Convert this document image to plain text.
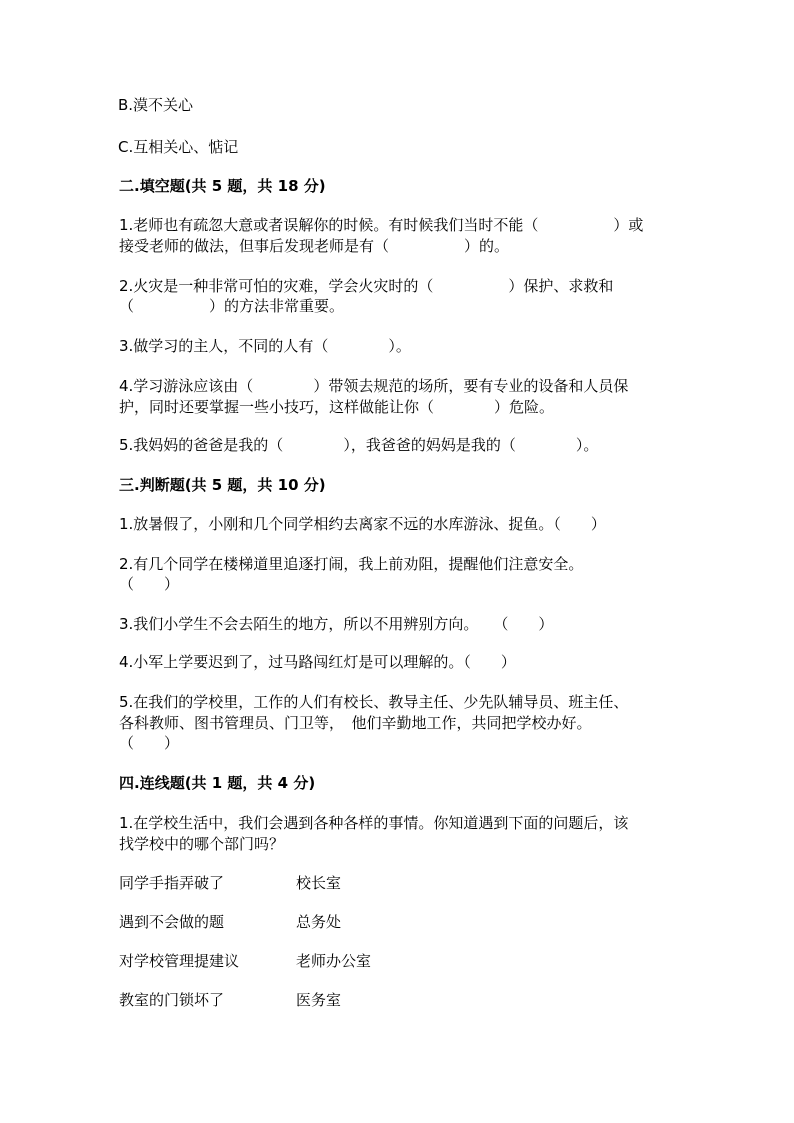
B.漠不关心
C.互相关心、惦记
二.填空题(共 5 题，共 18 分)
1.老师也有疏忽大意或者误解你的时候。有时候我们当时不能（　　　　　）或
接受老师的做法，但事后发现老师是有（　　　　　）的。
2.火灾是一种非常可怕的灾难，学会火灾时的（　　　　　）保护、求救和
（　　　　　）的方法非常重要。
3.做学习的主人，不同的人有（　　　　）。
4.学习游泳应该由（　　　　）带领去规范的场所，要有专业的设备和人员保
护，同时还要掌握一些小技巧，这样做能让你（　　　　）危险。
5.我妈妈的爸爸是我的（　　　　），我爸爸的妈妈是我的（　　　　）。
三.判断题(共 5 题，共 10 分)
1.放暑假了，小刚和几个同学相约去离家不远的水库游泳、捉鱼。（　　）
2.有几个同学在楼梯道里追逐打闹，我上前劝阻，提醒他们注意安全。
（　　）
3.我们小学生不会去陌生的地方，所以不用辨别方向。　　（　　）
4.小军上学要迟到了，过马路闯红灯是可以理解的。（　　）
5.在我们的学校里，工作的人们有校长、教导主任、少先队辅导员、班主任、
各科教师、图书管理员、门卫等，　他们辛勤地工作，共同把学校办好。
（　　）
四.连线题(共 1 题，共 4 分)
1.在学校生活中，我们会遇到各种各样的事情。你知道遇到下面的问题后，该
找学校中的哪个部门吗？
同学手指弄破了	校长室
遇到不会做的题	总务处
对学校管理提建议	老师办公室
教室的门锁坏了	医务室
